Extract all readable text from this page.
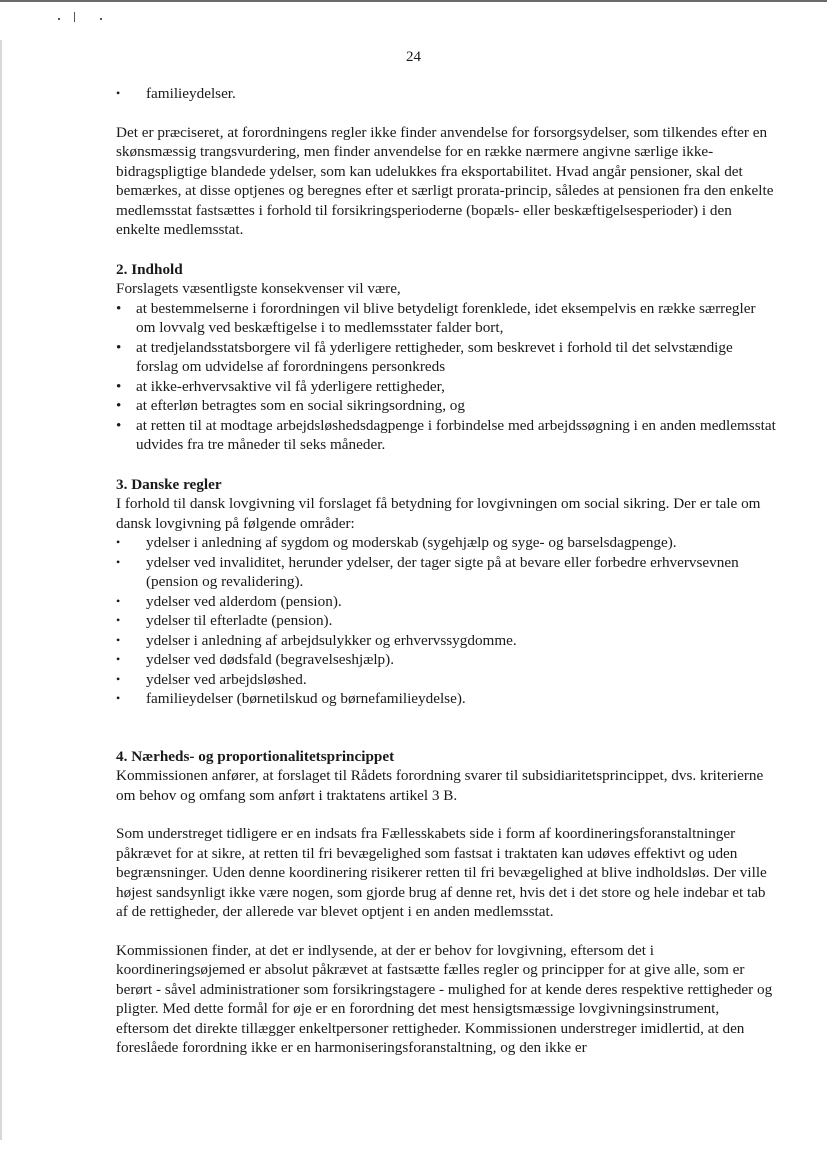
24
• familieydelser.

Det er præciseret, at forordningens regler ikke finder anvendelse for forsorgsydelser, som tilkendes efter en skønsmæssig trangsvurdering, men finder anvendelse for en række nærmere angivne særlige ikke-bidragspligtige blandede ydelser, som kan udelukkes fra eksportabilitet. Hvad angår pensioner, skal det bemærkes, at disse optjenes og beregnes efter et særligt prorata-princip, således at pensionen fra den enkelte medlemsstat fastsættes i forhold til forsikringsperioderne (bopæls- eller beskæftigelsesperioder) i den enkelte medlemsstat.

2. Indhold

Forslagets væsentligste konsekvenser vil være,

• at bestemmelserne i forordningen vil blive betydeligt forenklede, idet eksempelvis en række særregler om lovvalg ved beskæftigelse i to medlemsstater falder bort,
• at tredjelandsstatsborgere vil få yderligere rettigheder, som beskrevet i forhold til det selvstændige forslag om udvidelse af forordningens personkreds
• at ikke-erhvervsaktive vil få yderligere rettigheder,
• at efterløn betragtes som en social sikringsordning, og
• at retten til at modtage arbejdsløshedsdagpenge i forbindelse med arbejdssøgning i en anden medlemsstat udvides fra tre måneder til seks måneder.

3. Danske regler

I forhold til dansk lovgivning vil forslaget få betydning for lovgivningen om social sikring. Der er tale om dansk lovgivning på følgende områder:

• ydelser i anledning af sygdom og moderskab (sygehjælp og syge- og barselsdagpenge).
• ydelser ved invaliditet, herunder ydelser, der tager sigte på at bevare eller forbedre erhvervsevnen (pension og revalidering).
• ydelser ved alderdom (pension).
• ydelser til efterladte (pension).
• ydelser i anledning af arbejdsulykker og erhvervssygdomme.
• ydelser ved dødsfald (begravelseshjælp).
• ydelser ved arbejdsløshed.
• familieydelser (børnetilskud og børnefamilieydelse).

4. Nærheds- og proportionalitetsprincippet

Kommissionen anfører, at forslaget til Rådets forordning svarer til subsidiaritetsprincippet, dvs. kriterierne om behov og omfang som anført i traktatens artikel 3 B.

Som understreget tidligere er en indsats fra Fællesskabets side i form af koordineringsforanstaltninger påkrævet for at sikre, at retten til fri bevægelighed som fastsat i traktaten kan udøves effektivt og uden begrænsninger. Uden denne koordinering risikerer retten til fri bevægelighed at blive indholdsløs. Der ville højest sandsynligt ikke være nogen, som gjorde brug af denne ret, hvis det i det store og hele indebar et tab af de rettigheder, der allerede var blevet optjent i en anden medlemsstat.

Kommissionen finder, at det er indlysende, at der er behov for lovgivning, eftersom det i koordineringsøjemed er absolut påkrævet at fastsætte fælles regler og principper for at give alle, som er berørt - såvel administrationer som forsikringstagere - mulighed for at kende deres respektive rettigheder og pligter. Med dette formål for øje er en forordning det mest hensigtsmæssige lovgivningsinstrument, eftersom det direkte tillægger enkeltpersoner rettigheder. Kommissionen understreger imidlertid, at den foreslåede forordning ikke er en harmoniseringsforanstaltning, og den ikke er
